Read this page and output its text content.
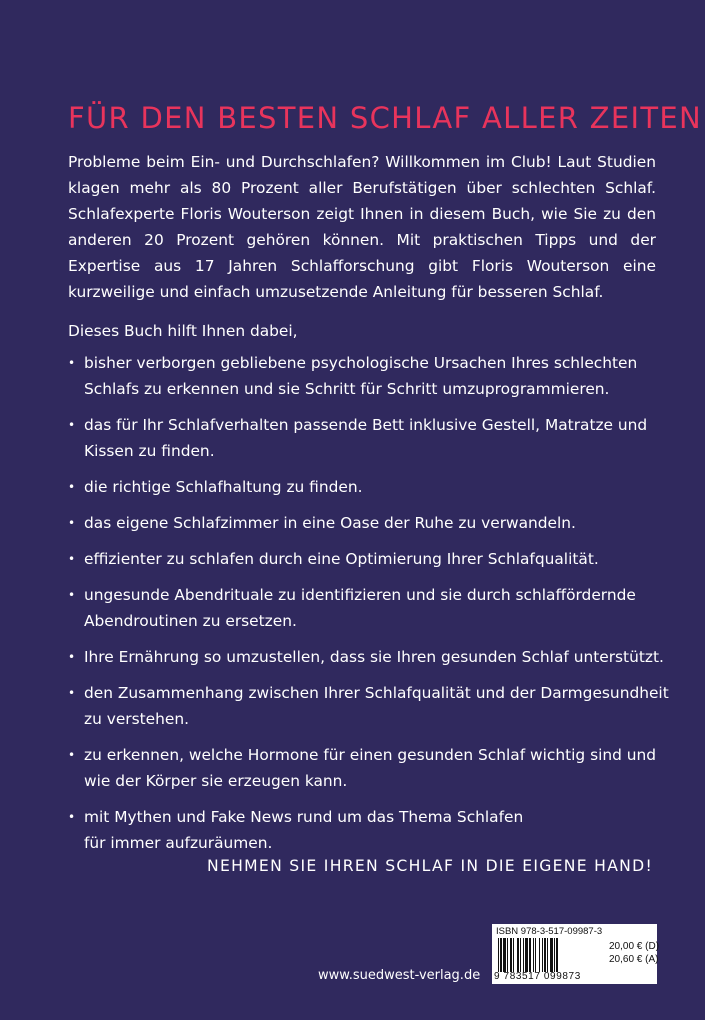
FÜR DEN BESTEN SCHLAF ALLER ZEITEN

Probleme beim Ein- und Durchschlafen? Willkommen im Club! Laut Studien klagen mehr als 80 Prozent aller Berufstätigen über schlechten Schlaf. Schlafexperte Floris Wouterson zeigt Ihnen in diesem Buch, wie Sie zu den anderen 20 Prozent gehören können. Mit praktischen Tipps und der Expertise aus 17 Jahren Schlafforschung gibt Floris Wouterson eine kurzweilige und einfach umzusetzende Anleitung für besseren Schlaf.

Dieses Buch hilft Ihnen dabei,

• bisher verborgen gebliebene psychologische Ursachen Ihres schlechten
Schlafs zu erkennen und sie Schritt für Schritt umzuprogrammieren.
• das für Ihr Schlafverhalten passende Bett inklusive Gestell, Matratze und
Kissen zu finden.
• die richtige Schlafhaltung zu finden.
• das eigene Schlafzimmer in eine Oase der Ruhe zu verwandeln.
• effizienter zu schlafen durch eine Optimierung Ihrer Schlafqualität.
• ungesunde Abendrituale zu identifizieren und sie durch schlaffördernde
Abendroutinen zu ersetzen.
• Ihre Ernährung so umzustellen, dass sie Ihren gesunden Schlaf unterstützt.
• den Zusammenhang zwischen Ihrer Schlafqualität und der Darmgesundheit
zu verstehen.
• zu erkennen, welche Hormone für einen gesunden Schlaf wichtig sind und
wie der Körper sie erzeugen kann.
• mit Mythen und Fake News rund um das Thema Schlafen
für immer aufzuräumen.

NEHMEN SIE IHREN SCHLAF IN DIE EIGENE HAND!

www.suedwest-verlag.de

ISBN 978-3-517-09987-3
9 783517 099873
20,00 € (D)
20,60 € (A)
